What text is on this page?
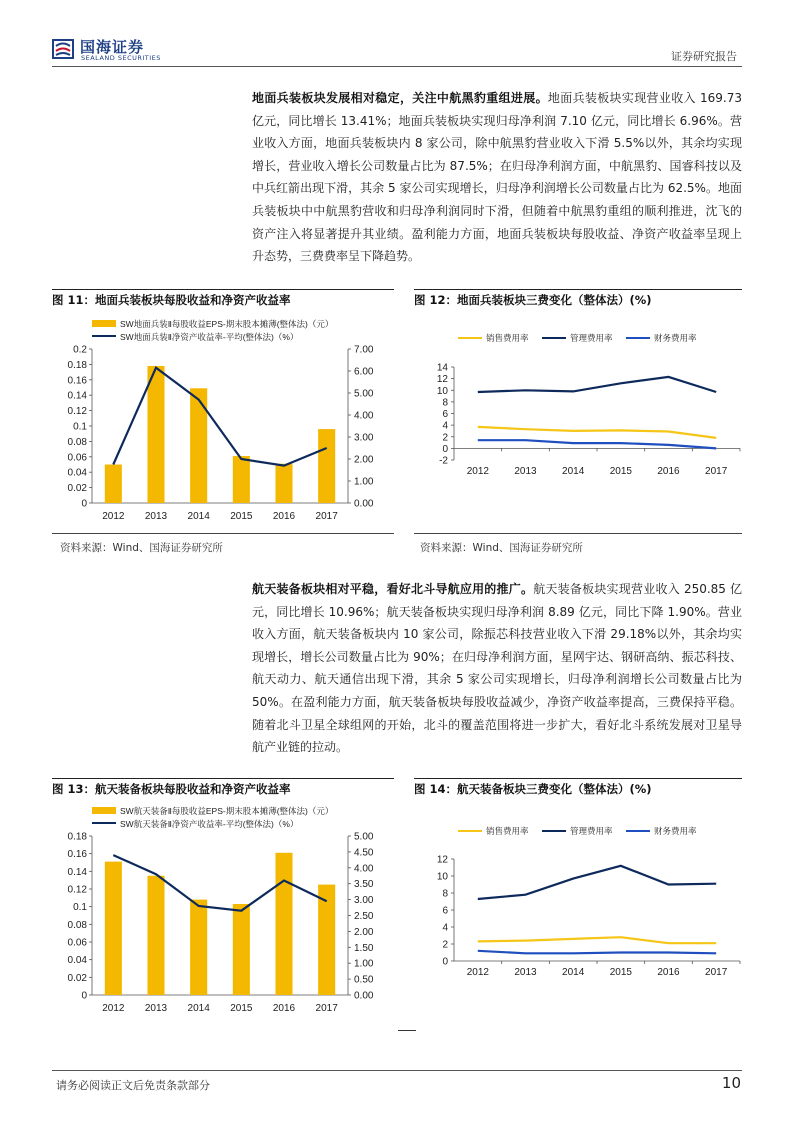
国海证券
SEALAND SECURITIES	证券研究报告
地面兵装板块发展相对稳定，关注中航黑豹重组进展。地面兵装板块实现营业收入 169.73 亿元，同比增长 13.41%；地面兵装板块实现归母净利润 7.10 亿元，同比增长 6.96%。营业收入方面，地面兵装板块内 8 家公司，除中航黑豹营业收入下滑 5.5%以外，其余均实现增长，营业收入增长公司数量占比为 87.5%；在归母净利润方面，中航黑豹、国睿科技以及中兵红箭出现下滑，其余 5 家公司实现增长，归母净利润增长公司数量占比为 62.5%。地面兵装板块中中航黑豹营收和归母净利润同时下滑，但随着中航黑豹重组的顺利推进，沈飞的资产注入将显著提升其业绩。盈利能力方面，地面兵装板块每股收益、净资产收益率呈现上升态势，三费费率呈下降趋势。
图 11：地面兵装板块每股收益和净资产收益率	图 12：地面兵装板块三费变化（整体法）(%)
SW地面兵装Ⅱ每股收益EPS-期末股本摊薄(整体法)（元）
SW地面兵装Ⅱ净资产收益率-平均(整体法)（%）
0
0.02
0.04
0.06
0.08
0.1
0.12
0.14
0.16
0.18
0.2
0.00
1.00
2.00
3.00
4.00
5.00
6.00
7.00
2012 2013 2014 2015 2016 2017
销售费用率	管理费用率	财务费用率
-2
0
2
4
6
8
10
12
14
2012	2013	2014	2015	2016	2017
资料来源：Wind、国海证券研究所	资料来源：Wind、国海证券研究所
航天装备板块相对平稳，看好北斗导航应用的推广。航天装备板块实现营业收入 250.85 亿元，同比增长 10.96%；航天装备板块实现归母净利润 8.89 亿元，同比下降 1.90%。营业收入方面，航天装备板块内 10 家公司，除振芯科技营业收入下滑 29.18%以外，其余均实现增长，增长公司数量占比为 90%；在归母净利润方面，星网宇达、钢研高纳、振芯科技、航天动力、航天通信出现下滑，其余 5 家公司实现增长，归母净利润增长公司数量占比为 50%。在盈利能力方面，航天装备板块每股收益减少，净资产收益率提高，三费保持平稳。随着北斗卫星全球组网的开始，北斗的覆盖范围将进一步扩大，看好北斗系统发展对卫星导航产业链的拉动。
图 13：航天装备板块每股收益和净资产收益率	图 14：航天装备板块三费变化（整体法）(%)
SW航天装备Ⅱ每股收益EPS-期末股本摊薄(整体法)（元）
SW航天装备Ⅱ净资产收益率-平均(整体法)（%）
0
0.02
0.04
0.06
0.08
0.1
0.12
0.14
0.16
0.18
0.00
0.50
1.00
1.50
2.00
2.50
3.00
3.50
4.00
4.50
5.00
2012 2013 2014 2015 2016 2017
销售费用率	管理费用率	财务费用率
0
2
4
6
8
10
12
2012	2013	2014	2015	2016	2017
请务必阅读正文后免责条款部分	10
